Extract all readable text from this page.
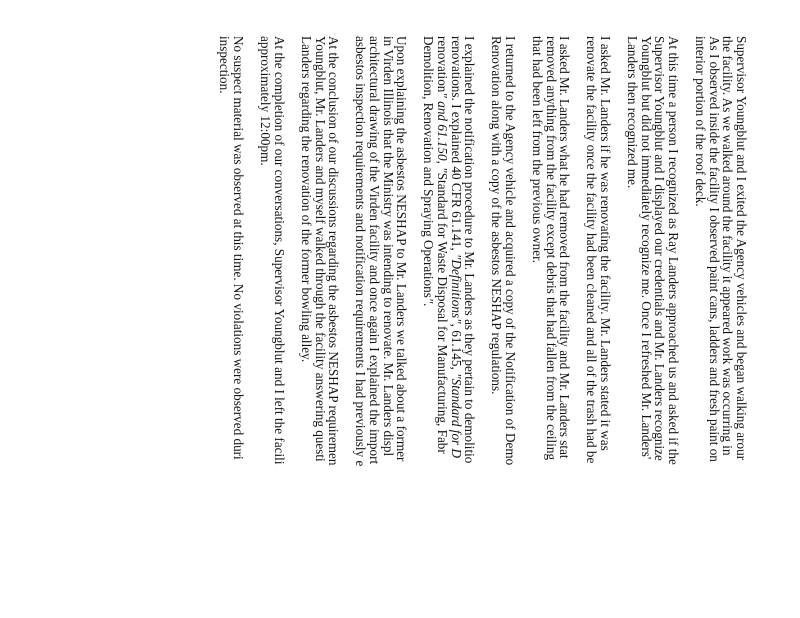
Supervisor Youngblut and I exited the Agency vehicles and began walking arour
the facility. As we walked around the facility it appeared work was occurring in
As I observed inside the facility I observed paint cans, ladders and fresh paint on
interior portion of the roof deck.
At this time a person I recognized as Ray Landers approached us and asked if the
Supervisor Youngblut and I displayed our credentials and Mr. Landers recognize
Youngblut but did not immediately recognize me. Once I refreshed Mr. Landers'
Landers then recognized me.
I asked Mr. Landers if he was renovating the facility. Mr. Landers stated it was
renovate the facility once the facility had been cleaned and all of the trash had be
I asked Mr. Landers what he had removed from the facility and Mr. Landers stat
removed anything from the facility except debris that had fallen from the ceiling
that had been left from the previous owner.
I returned to the Agency vehicle and acquired a copy of the Notification of Demo
Renovation along with a copy of the asbestos NESHAP regulations.
I explained the notification procedure to Mr. Landers as they pertain to demolitio
renovations. I explained 40 CFR 61.141, "Definitions", 61.145, "Standard for D
renovation" and 61.150, "Standard for Waste Disposal for Manufacturing, Fabr
Demolition, Renovation and Spraying Operations".
Upon explaining the asbestos NESHAP to Mr. Landers we talked about a former
in Virden Illinois that the Ministry was intending to renovate. Mr. Landers displ
architectural drawing of the Virden facility and once again I explained the import
asbestos inspection requirements and notification requirements I had previously e
At the conclusion of our discussions regarding the asbestos NESHAP requiremen
Youngblut, Mr. Landers and myself walked through the facility answering questi
Landers regarding the renovation of the former bowling alley.
At the completion of our conversations, Supervisor Youngblut and I left the facili
approximately 12:00pm.
No suspect material was observed at this time. No violations were observed duri
inspection.
